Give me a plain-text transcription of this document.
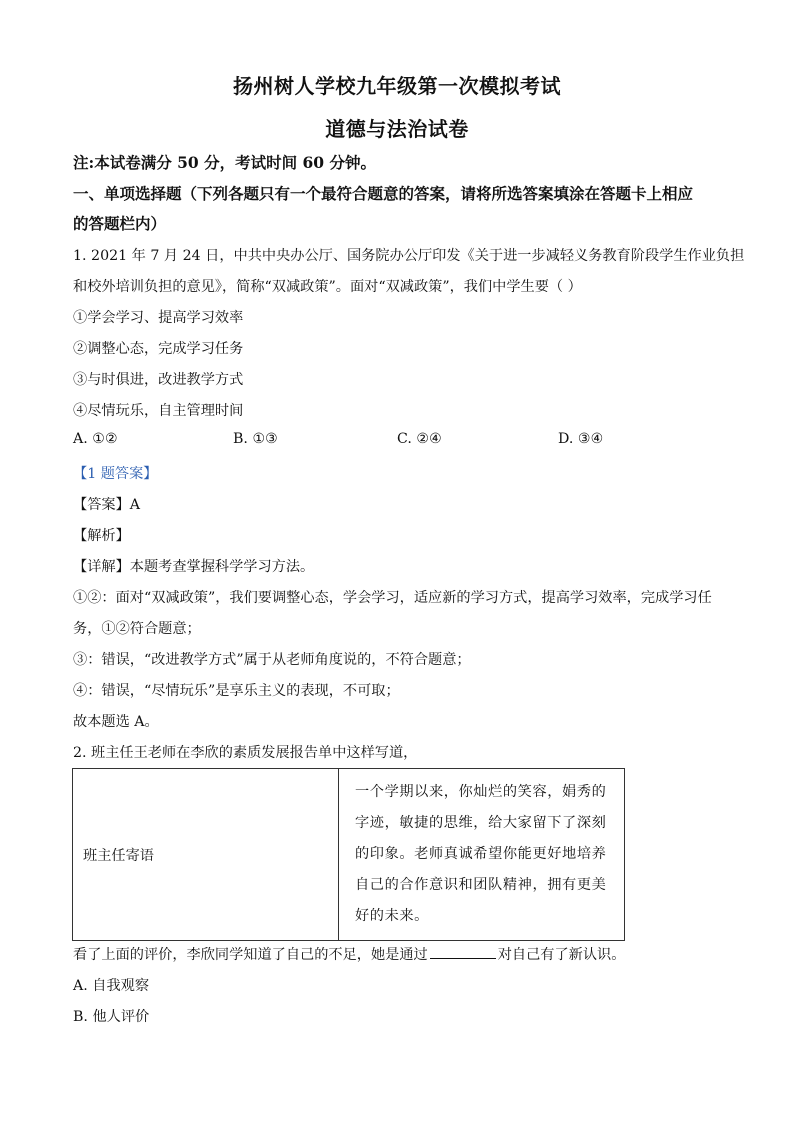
扬州树人学校九年级第一次模拟考试
道德与法治试卷
注:本试卷满分 50 分，考试时间 60 分钟。
一、单项选择题（下列各题只有一个最符合题意的答案，请将所选答案填涂在答题卡上相应
的答题栏内）
1. 2021 年 7 月 24 日，中共中央办公厅、国务院办公厅印发《关于进一步减轻义务教育阶段学生作业负担
和校外培训负担的意见》，简称“双减政策”。面对“双减政策”，我们中学生要（ ）
①学会学习、提高学习效率
②调整心态，完成学习任务
③与时俱进，改进教学方式
④尽情玩乐，自主管理时间
A. ①②	B. ①③	C. ②④	D. ③④
【1 题答案】
【答案】A
【解析】
【详解】本题考查掌握科学学习方法。
①②：面对“双减政策”，我们要调整心态，学会学习，适应新的学习方式，提高学习效率，完成学习任
务，①②符合题意；
③：错误，“改进教学方式”属于从老师角度说的，不符合题意；
④：错误，“尽情玩乐”是享乐主义的表现，不可取；
故本题选 A。
2. 班主任王老师在李欣的素质发展报告单中这样写道，
班主任寄语	一个学期以来，你灿烂的笑容，娟秀的字迹，敏捷的思维，给大家留下了深刻的印象。老师真诚希望你能更好地培养自己的合作意识和团队精神，拥有更美好的未来。
看了上面的评价，李欣同学知道了自己的不足，她是通过	对自己有了新认识。
A. 自我观察
B. 他人评价
